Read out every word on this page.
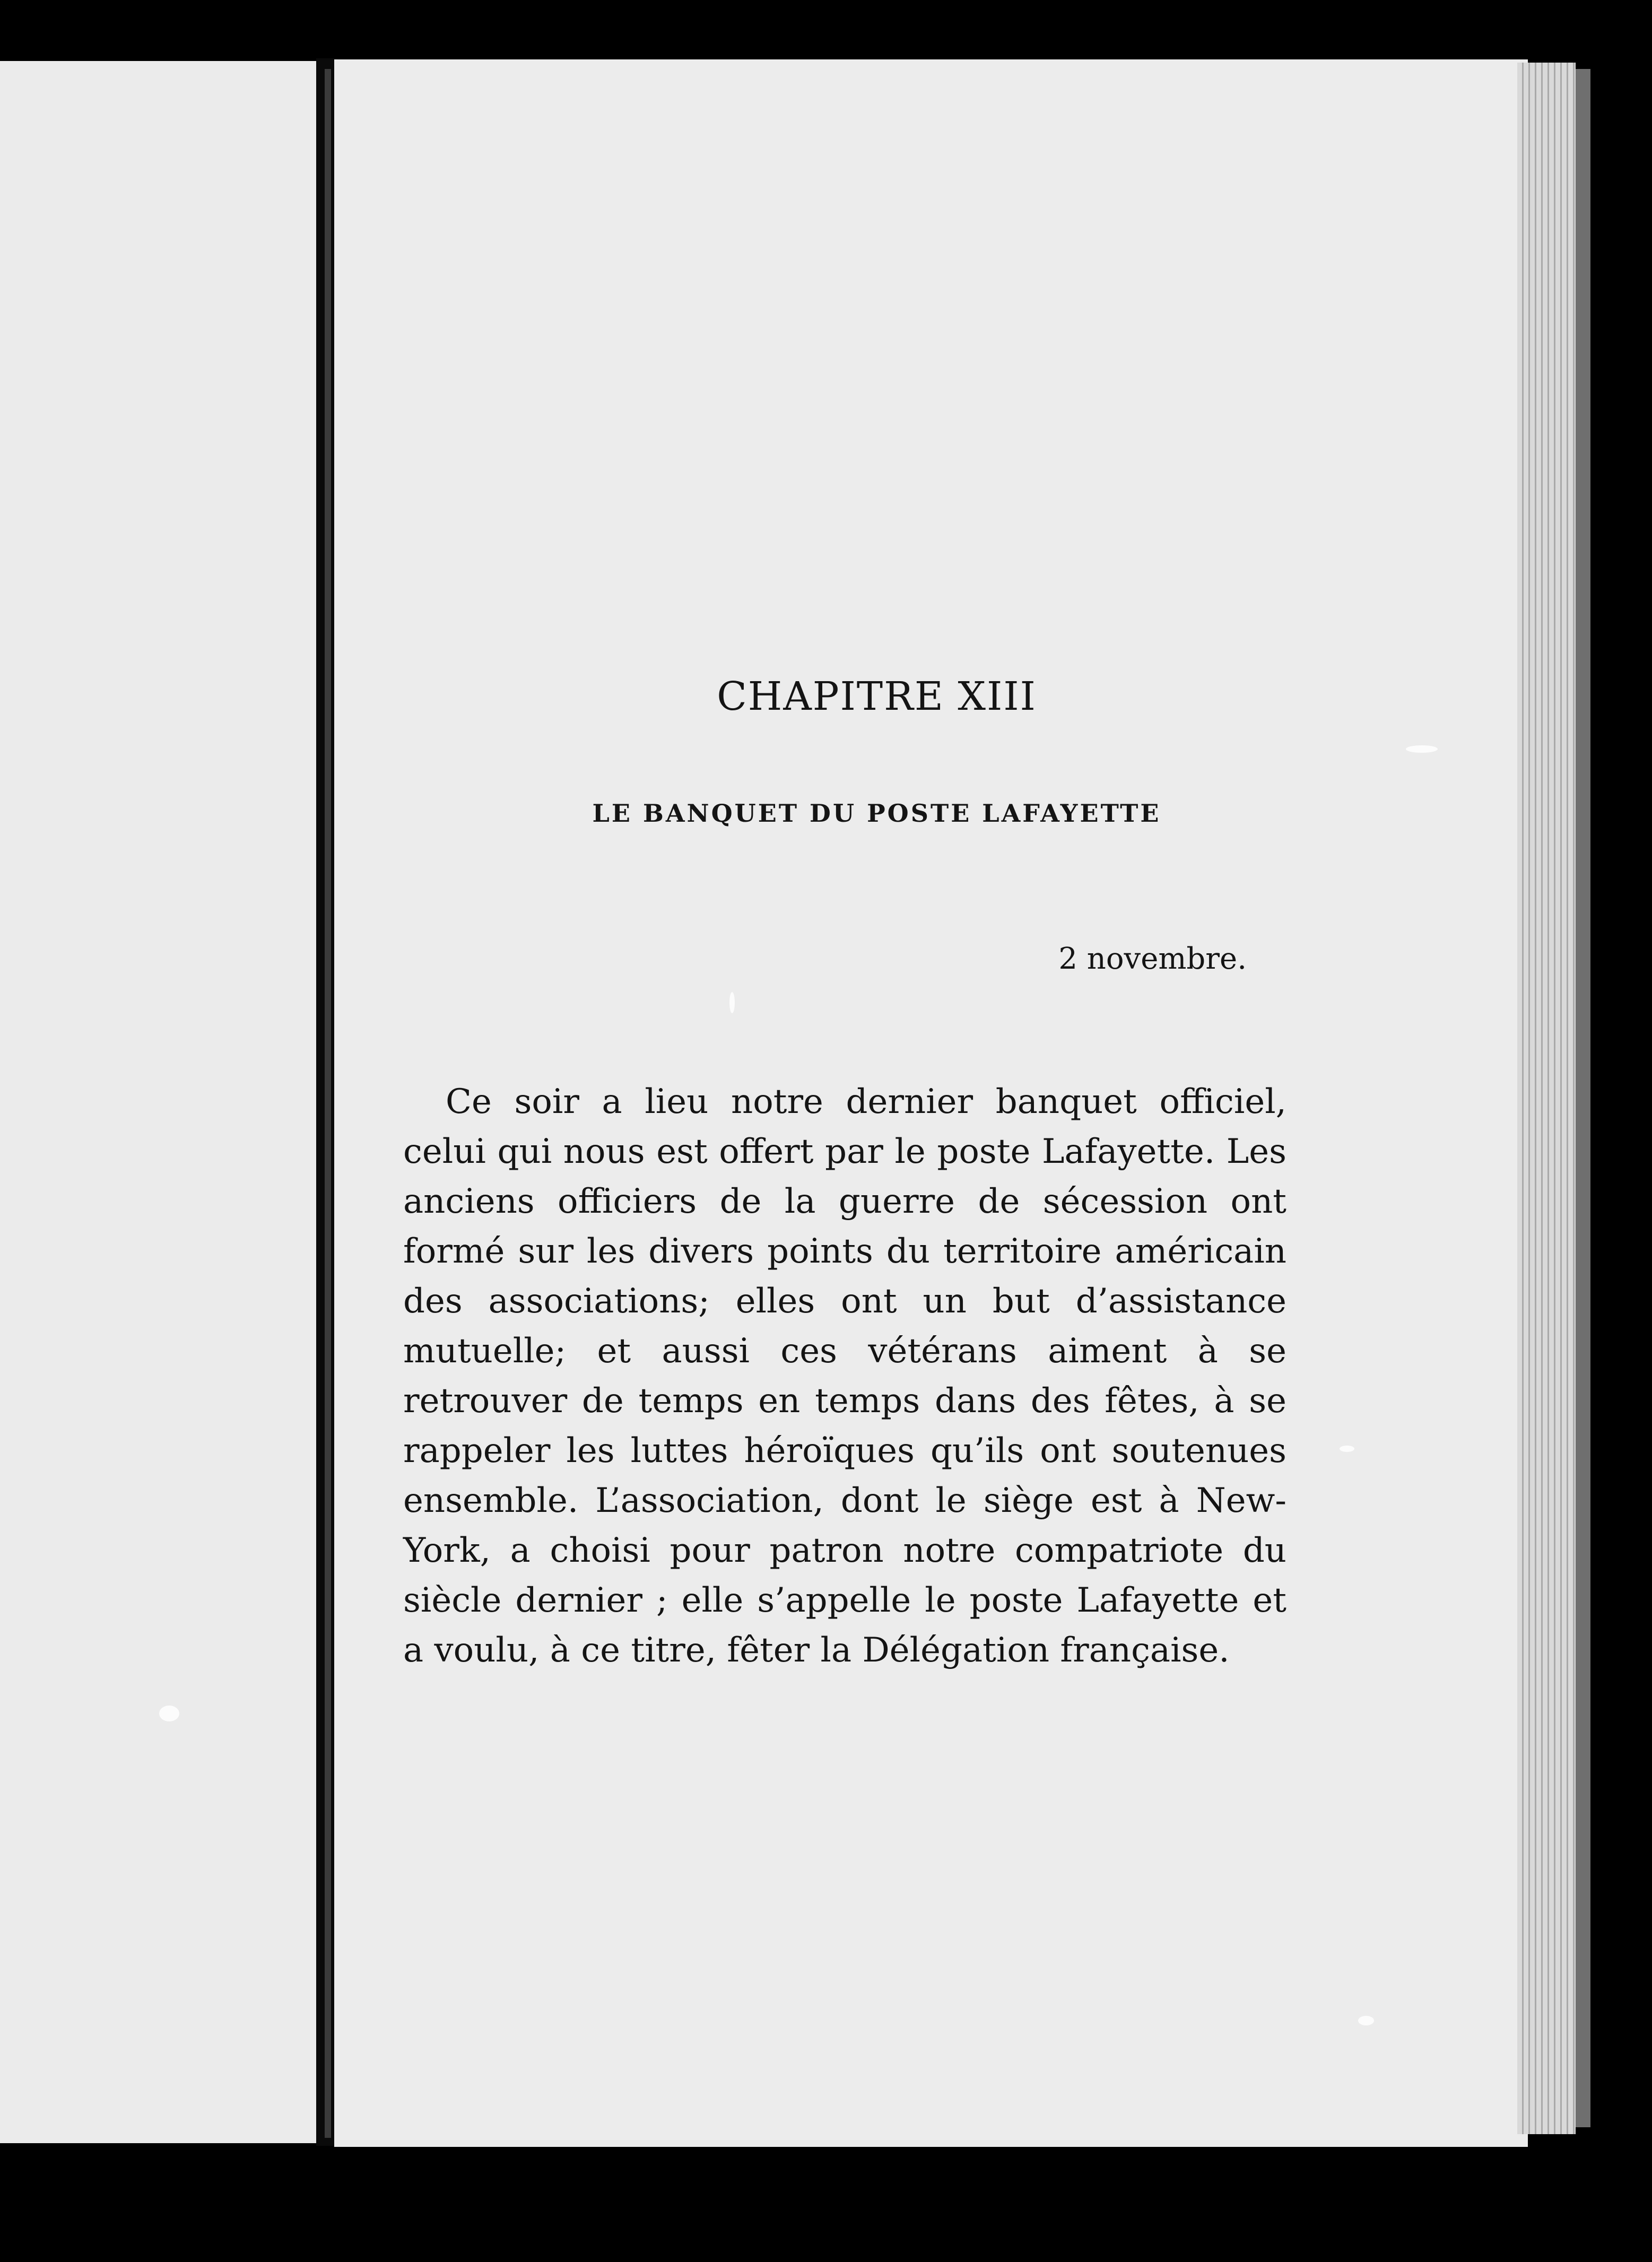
CHAPITRE XIII
LE BANQUET DU POSTE LAFAYETTE
2 novembre.

Ce soir a lieu notre dernier banquet officiel, celui qui nous est offert par le poste Lafayette. Les anciens officiers de la guerre de sécession ont formé sur les divers points du territoire américain des associations; elles ont un but d’assistance mutuelle; et aussi ces vétérans aiment à se retrouver de temps en temps dans des fêtes, à se rappeler les luttes héroïques qu’ils ont soutenues ensemble. L’association, dont le siège est à New-York, a choisi pour patron notre compatriote du siècle dernier ; elle s’appelle le poste Lafayette et a voulu, à ce titre, fêter la Délégation française.
